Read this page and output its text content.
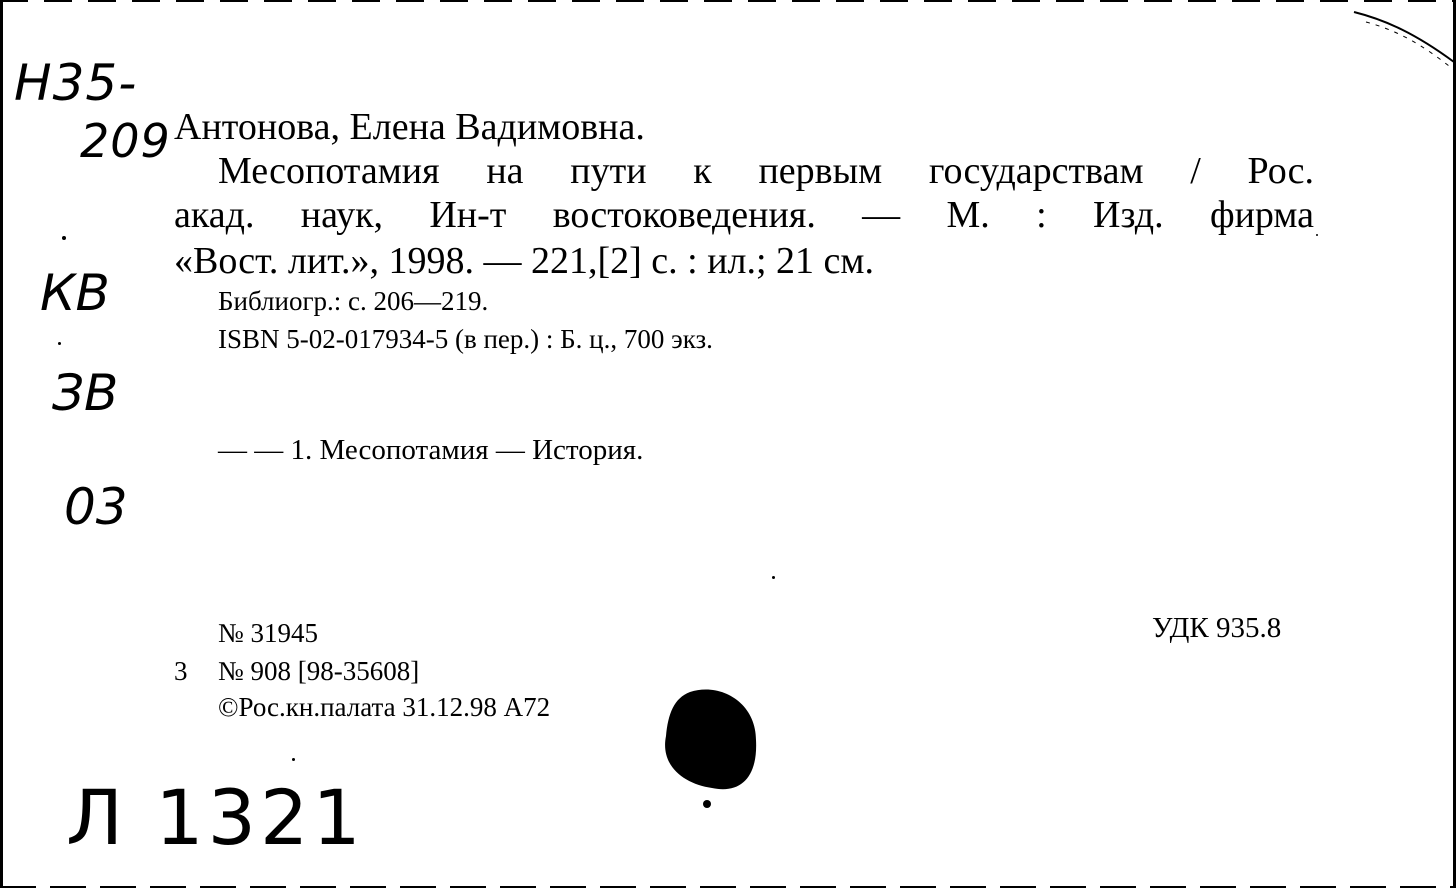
Н35-
209
КВ
ЗВ
03
Л 1321
Антонова, Елена Вадимовна.
Месопотамия на пути к первым государствам / Рос.
акад. наук, Ин-т востоковедения. — М. : Изд. фирма
«Вост. лит.», 1998. — 221,[2] с. : ил.; 21 см.
Библиогр.: с. 206—219.
ISBN 5-02-017934-5 (в пер.) : Б. ц., 700 экз.
— — 1. Месопотамия — История.
№ 31945
3 № 908 [98-35608]
©Рос.кн.палата 31.12.98 А72
УДК 935.8
